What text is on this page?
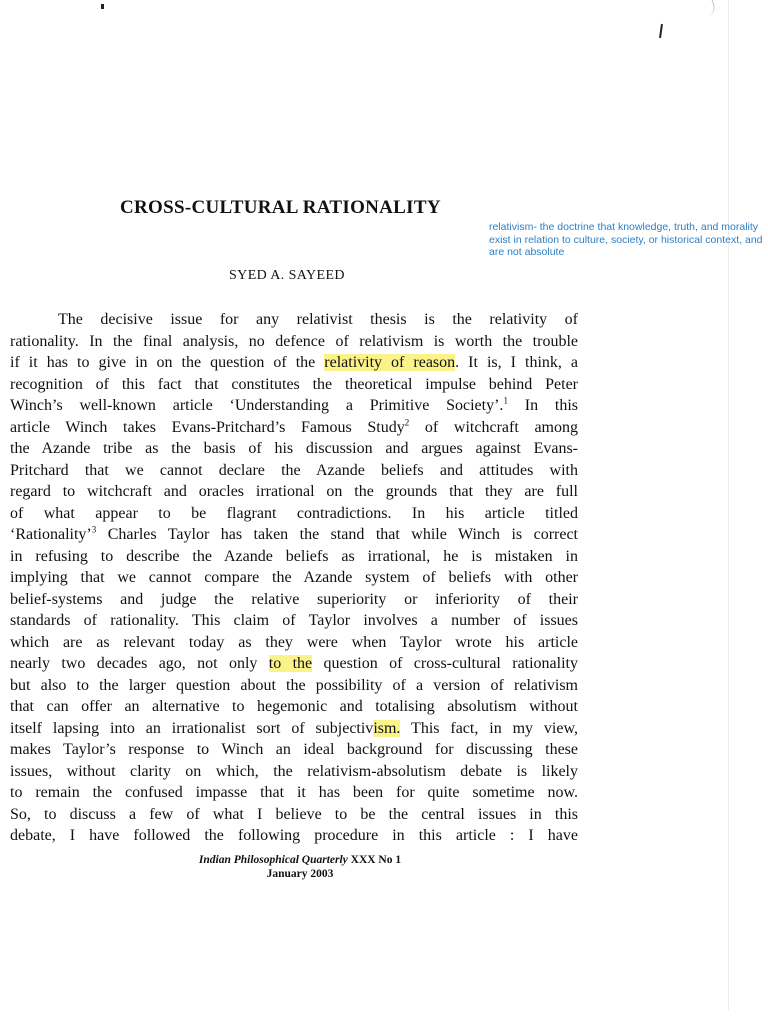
CROSS-CULTURAL RATIONALITY
relativism- the doctrine that knowledge, truth, and morality exist in relation to culture, society, or historical context, and are not absolute
SYED A. SAYEED
The decisive issue for any relativist thesis is the relativity of
rationality. In the final analysis, no defence of relativism is worth the trouble
if it has to give in on the question of the relativity of reason. It is, I think, a
recognition of this fact that constitutes the theoretical impulse behind Peter
Winch’s well-known article ‘Understanding a Primitive Society’.$^1$ In this
article Winch takes Evans-Pritchard’s Famous Study$^2$ of witchcraft among
the Azande tribe as the basis of his discussion and argues against Evans-
Pritchard that we cannot declare the Azande beliefs and attitudes with
regard to witchcraft and oracles irrational on the grounds that they are full
of what appear to be flagrant contradictions. In his article titled
‘Rationality’$^3$ Charles Taylor has taken the stand that while Winch is correct
in refusing to describe the Azande beliefs as irrational, he is mistaken in
implying that we cannot compare the Azande system of beliefs with other
belief-systems and judge the relative superiority or inferiority of their
standards of rationality. This claim of Taylor involves a number of issues
which are as relevant today as they were when Taylor wrote his article
nearly two decades ago, not only to the question of cross-cultural rationality
but also to the larger question about the possibility of a version of relativism
that can offer an alternative to hegemonic and totalising absolutism without
itself lapsing into an irrationalist sort of subjectivism. This fact, in my view,
makes Taylor’s response to Winch an ideal background for discussing these
issues, without clarity on which, the relativism-absolutism debate is likely
to remain the confused impasse that it has been for quite sometime now.
So, to discuss a few of what I believe to be the central issues in this
debate, I have followed the following procedure in this article : I have
Indian Philosophical Quarterly XXX No 1
January 2003
